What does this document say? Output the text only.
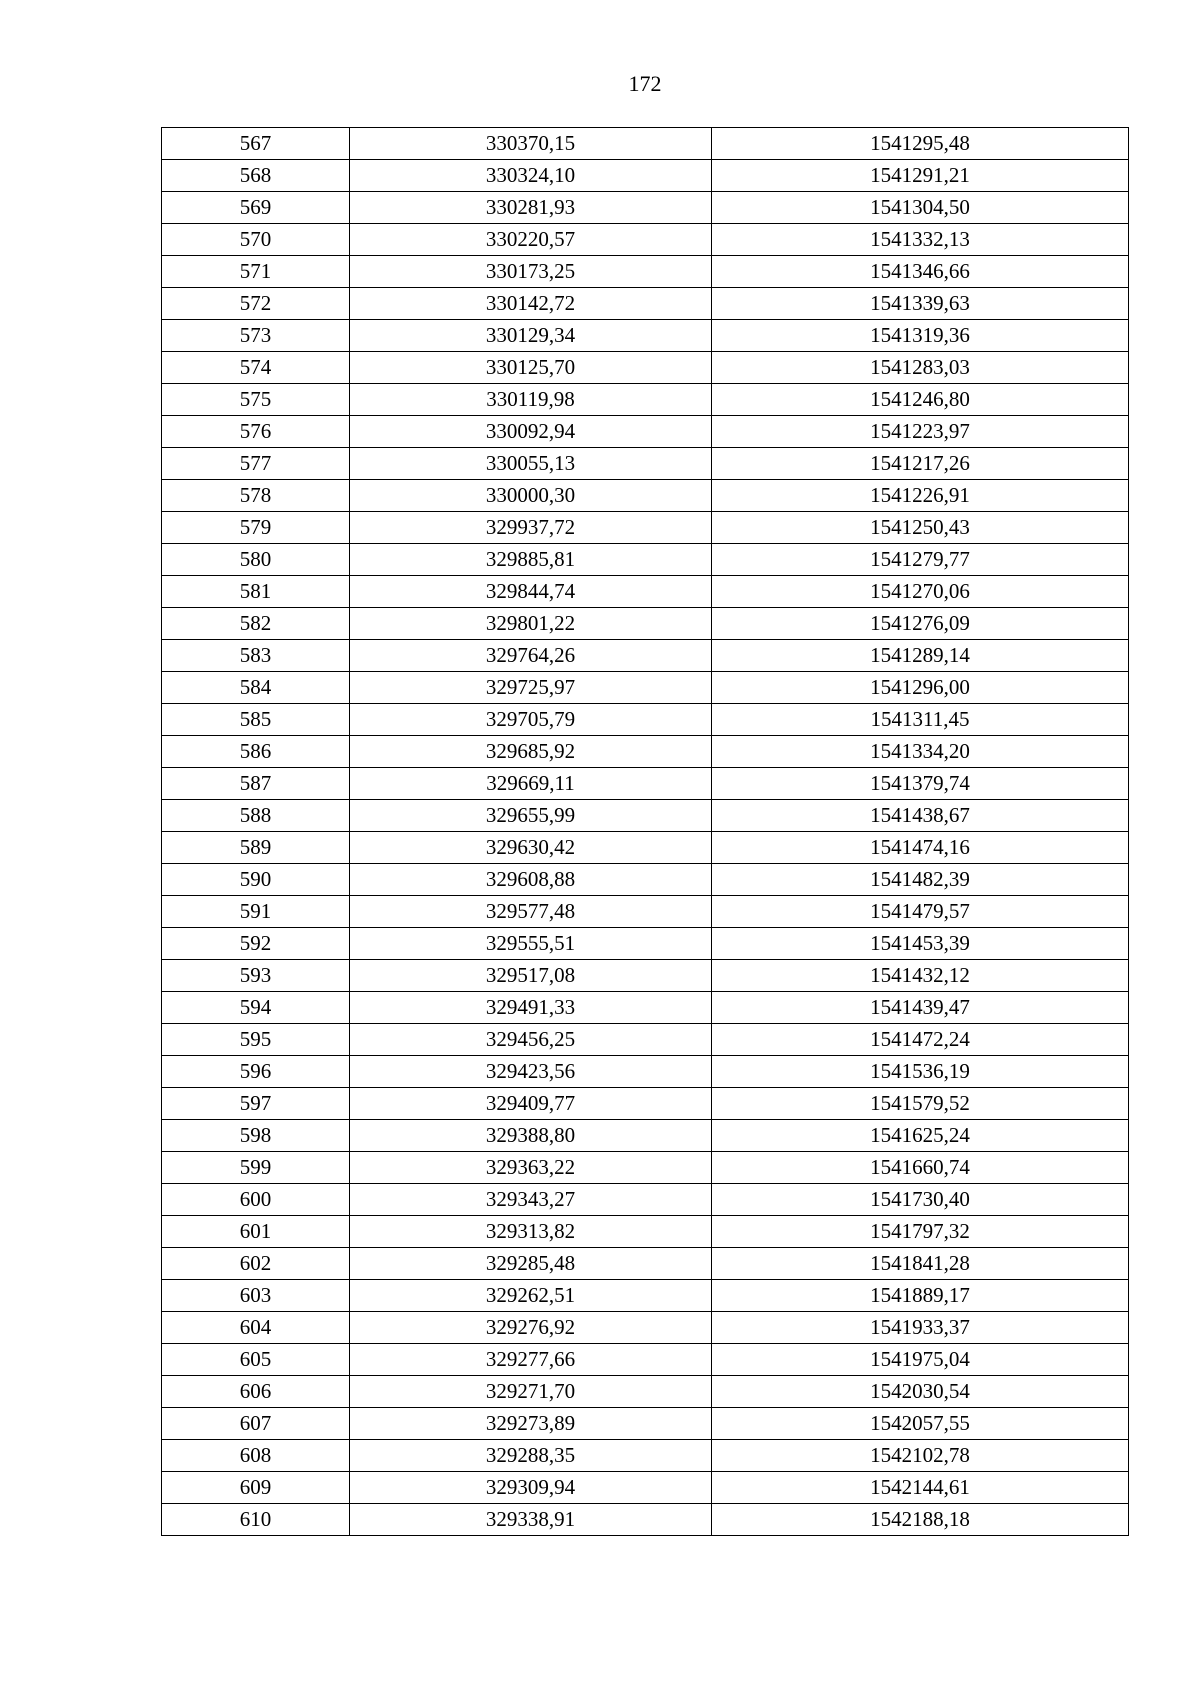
172
567	330370,15	1541295,48
568	330324,10	1541291,21
569	330281,93	1541304,50
570	330220,57	1541332,13
571	330173,25	1541346,66
572	330142,72	1541339,63
573	330129,34	1541319,36
574	330125,70	1541283,03
575	330119,98	1541246,80
576	330092,94	1541223,97
577	330055,13	1541217,26
578	330000,30	1541226,91
579	329937,72	1541250,43
580	329885,81	1541279,77
581	329844,74	1541270,06
582	329801,22	1541276,09
583	329764,26	1541289,14
584	329725,97	1541296,00
585	329705,79	1541311,45
586	329685,92	1541334,20
587	329669,11	1541379,74
588	329655,99	1541438,67
589	329630,42	1541474,16
590	329608,88	1541482,39
591	329577,48	1541479,57
592	329555,51	1541453,39
593	329517,08	1541432,12
594	329491,33	1541439,47
595	329456,25	1541472,24
596	329423,56	1541536,19
597	329409,77	1541579,52
598	329388,80	1541625,24
599	329363,22	1541660,74
600	329343,27	1541730,40
601	329313,82	1541797,32
602	329285,48	1541841,28
603	329262,51	1541889,17
604	329276,92	1541933,37
605	329277,66	1541975,04
606	329271,70	1542030,54
607	329273,89	1542057,55
608	329288,35	1542102,78
609	329309,94	1542144,61
610	329338,91	1542188,18
